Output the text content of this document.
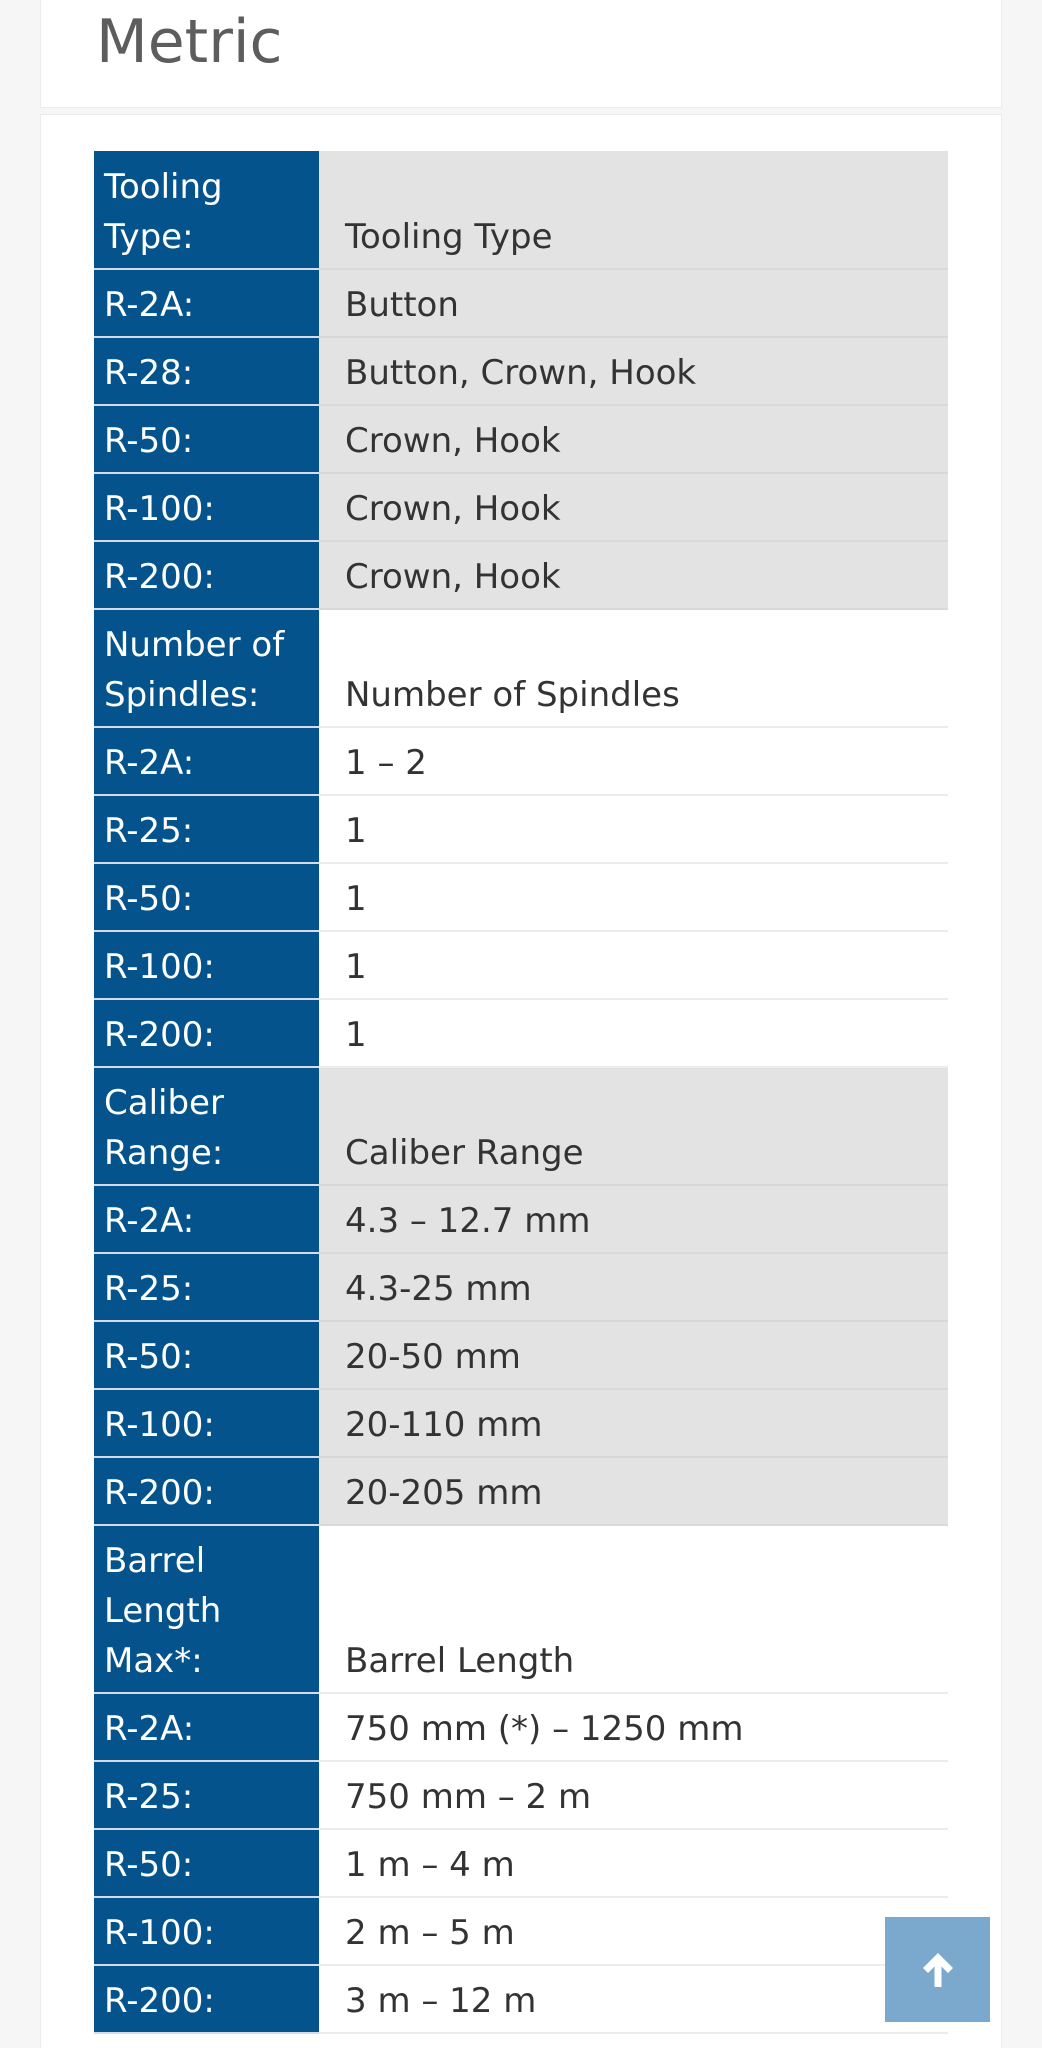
Metric
Tooling Type:	Tooling Type
R-2A:	Button
R-28:	Button, Crown, Hook
R-50:	Crown, Hook
R-100:	Crown, Hook
R-200:	Crown, Hook
Number of Spindles:	Number of Spindles
R-2A:	1 – 2
R-25:	1
R-50:	1
R-100:	1
R-200:	1
Caliber Range:	Caliber Range
R-2A:	4.3 – 12.7 mm
R-25:	4.3-25 mm
R-50:	20-50 mm
R-100:	20-110 mm
R-200:	20-205 mm
Barrel Length Max*:	Barrel Length
R-2A:	750 mm (*) – 1250 mm
R-25:	750 mm – 2 m
R-50:	1 m – 4 m
R-100:	2 m – 5 m
R-200:	3 m – 12 m
